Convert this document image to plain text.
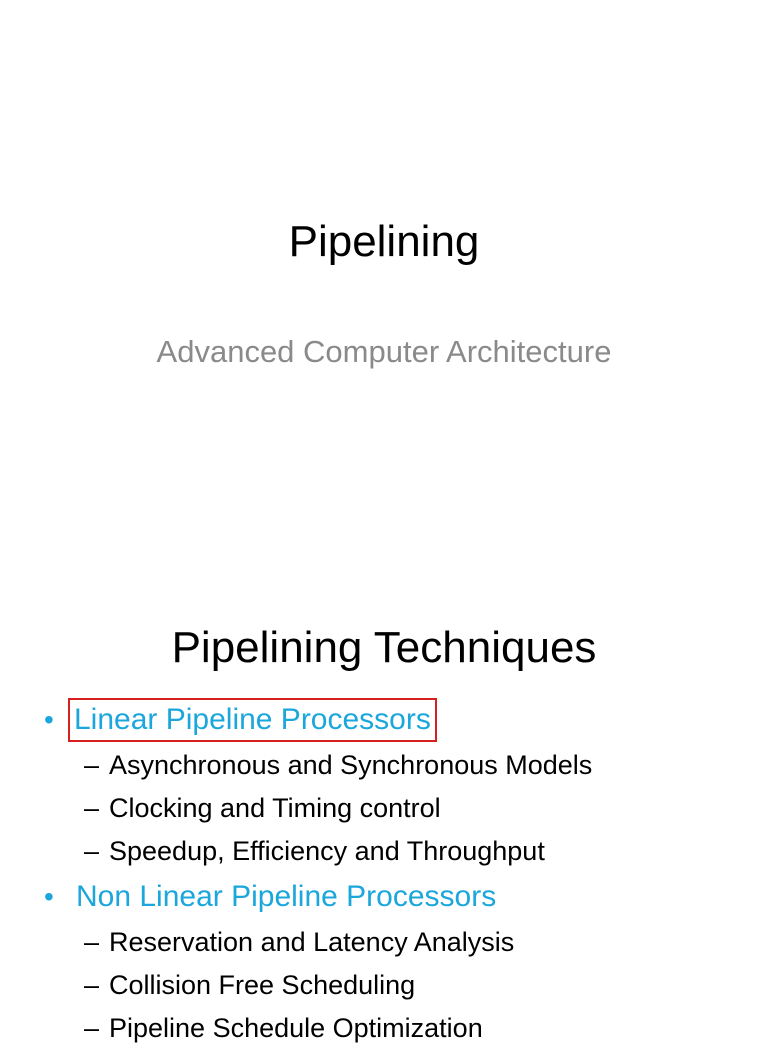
Pipelining
Advanced Computer Architecture
Pipelining Techniques
• Linear Pipeline Processors
– Asynchronous and Synchronous Models
– Clocking and Timing control
– Speedup, Efficiency and Throughput
• Non Linear Pipeline Processors
– Reservation and Latency Analysis
– Collision Free Scheduling
– Pipeline Schedule Optimization
